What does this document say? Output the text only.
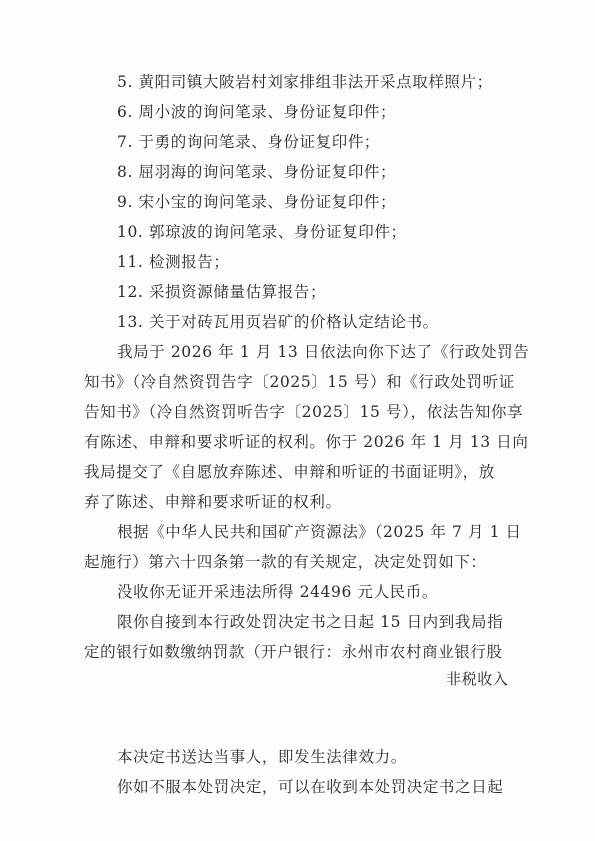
5. 黄阳司镇大陂岩村刘家排组非法开采点取样照片；
6. 周小波的询问笔录、身份证复印件；
7. 于勇的询问笔录、身份证复印件；
8. 屈羽海的询问笔录、身份证复印件；
9. 宋小宝的询问笔录、身份证复印件；
10. 郭琼波的询问笔录、身份证复印件；
11. 检测报告；
12. 采损资源储量估算报告；
13. 关于对砖瓦用页岩矿的价格认定结论书。
我局于 2026 年 1 月 13 日依法向你下达了《行政处罚告
知书》（冷自然资罚告字〔2025〕15 号）和《行政处罚听证
告知书》（冷自然资罚听告字〔2025〕15 号），依法告知你享
有陈述、申辩和要求听证的权利。你于 2026 年 1 月 13 日向
我局提交了《自愿放弃陈述、申辩和听证的书面证明》，放
弃了陈述、申辩和要求听证的权利。
根据《中华人民共和国矿产资源法》（2025 年 7 月 1 日
起施行）第六十四条第一款的有关规定，决定处罚如下：
没收你无证开采违法所得 24496 元人民币。
限你自接到本行政处罚决定书之日起 15 日内到我局指
定的银行如数缴纳罚款（开户银行：永州市农村商业银行股
非税收入
本决定书送达当事人，即发生法律效力。
你如不服本处罚决定，可以在收到本处罚决定书之日起
